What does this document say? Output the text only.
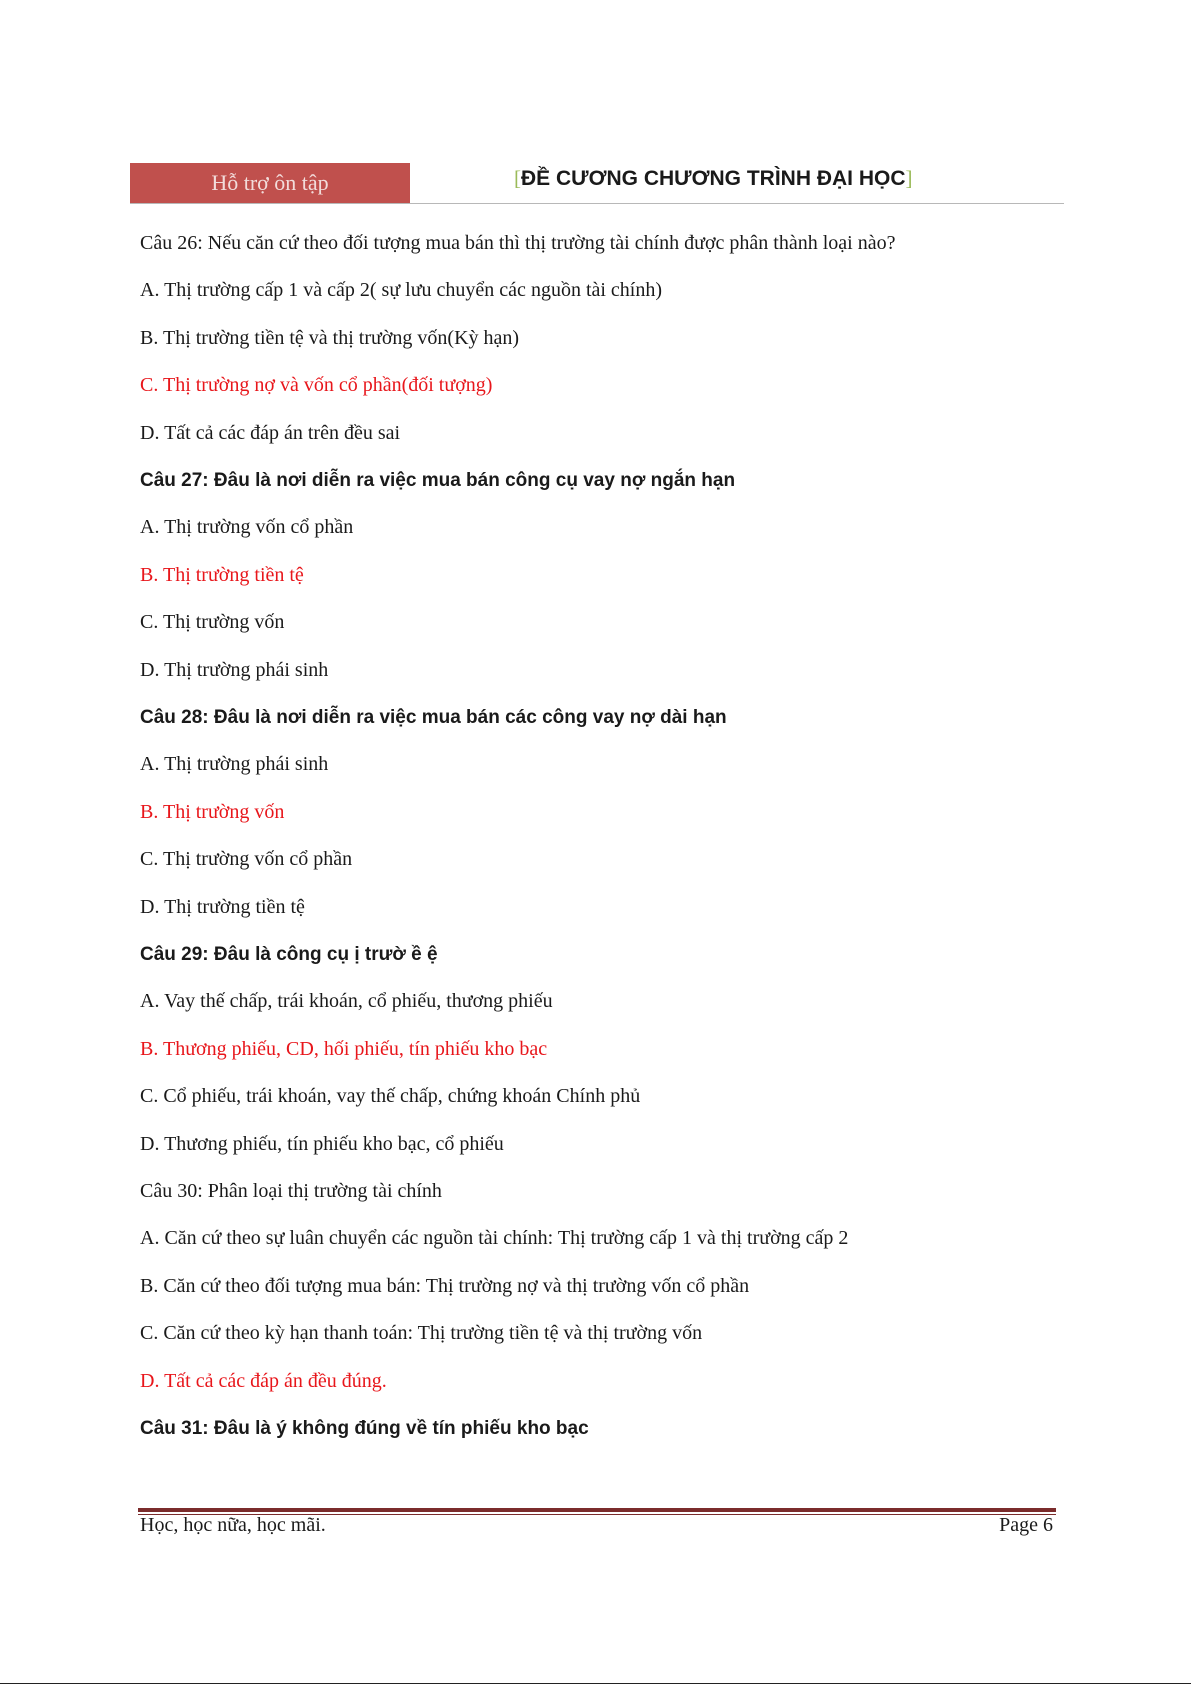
Hỗ trợ ôn tập	[ĐỀ CƯƠNG CHƯƠNG TRÌNH ĐẠI HỌC]
Câu 26: Nếu căn cứ theo đối tượng mua bán thì thị trường tài chính được phân thành loại nào?
A. Thị trường cấp 1 và cấp 2( sự lưu chuyển các nguồn tài chính)
B. Thị trường tiền tệ và thị trường vốn(Kỳ hạn)
C. Thị trường nợ và vốn cổ phần(đối tượng)
D. Tất cả các đáp án trên đều sai
Câu 27: Đâu là nơi diễn ra việc mua bán công cụ vay nợ ngắn hạn
A. Thị trường vốn cổ phần
B. Thị trường tiền tệ
C. Thị trường vốn
D. Thị trường phái sinh
Câu 28: Đâu là nơi diễn ra việc mua bán các công vay nợ dài hạn
A. Thị trường phái sinh
B. Thị trường vốn
C. Thị trường vốn cổ phần
D. Thị trường tiền tệ
Câu 29: Đâu là công cụ ị trườ ề ệ
A. Vay thế chấp, trái khoán, cổ phiếu, thương phiếu
B. Thương phiếu, CD, hối phiếu, tín phiếu kho bạc
C. Cổ phiếu, trái khoán, vay thế chấp, chứng khoán Chính phủ
D. Thương phiếu, tín phiếu kho bạc, cổ phiếu
Câu 30: Phân loại thị trường tài chính
A. Căn cứ theo sự luân chuyển các nguồn tài chính: Thị trường cấp 1 và thị trường cấp 2
B. Căn cứ theo đối tượng mua bán: Thị trường nợ và thị trường vốn cổ phần
C. Căn cứ theo kỳ hạn thanh toán: Thị trường tiền tệ và thị trường vốn
D. Tất cả các đáp án đều đúng.
Câu 31: Đâu là ý không đúng về tín phiếu kho bạc
Học, học nữa, học mãi.	Page 6
